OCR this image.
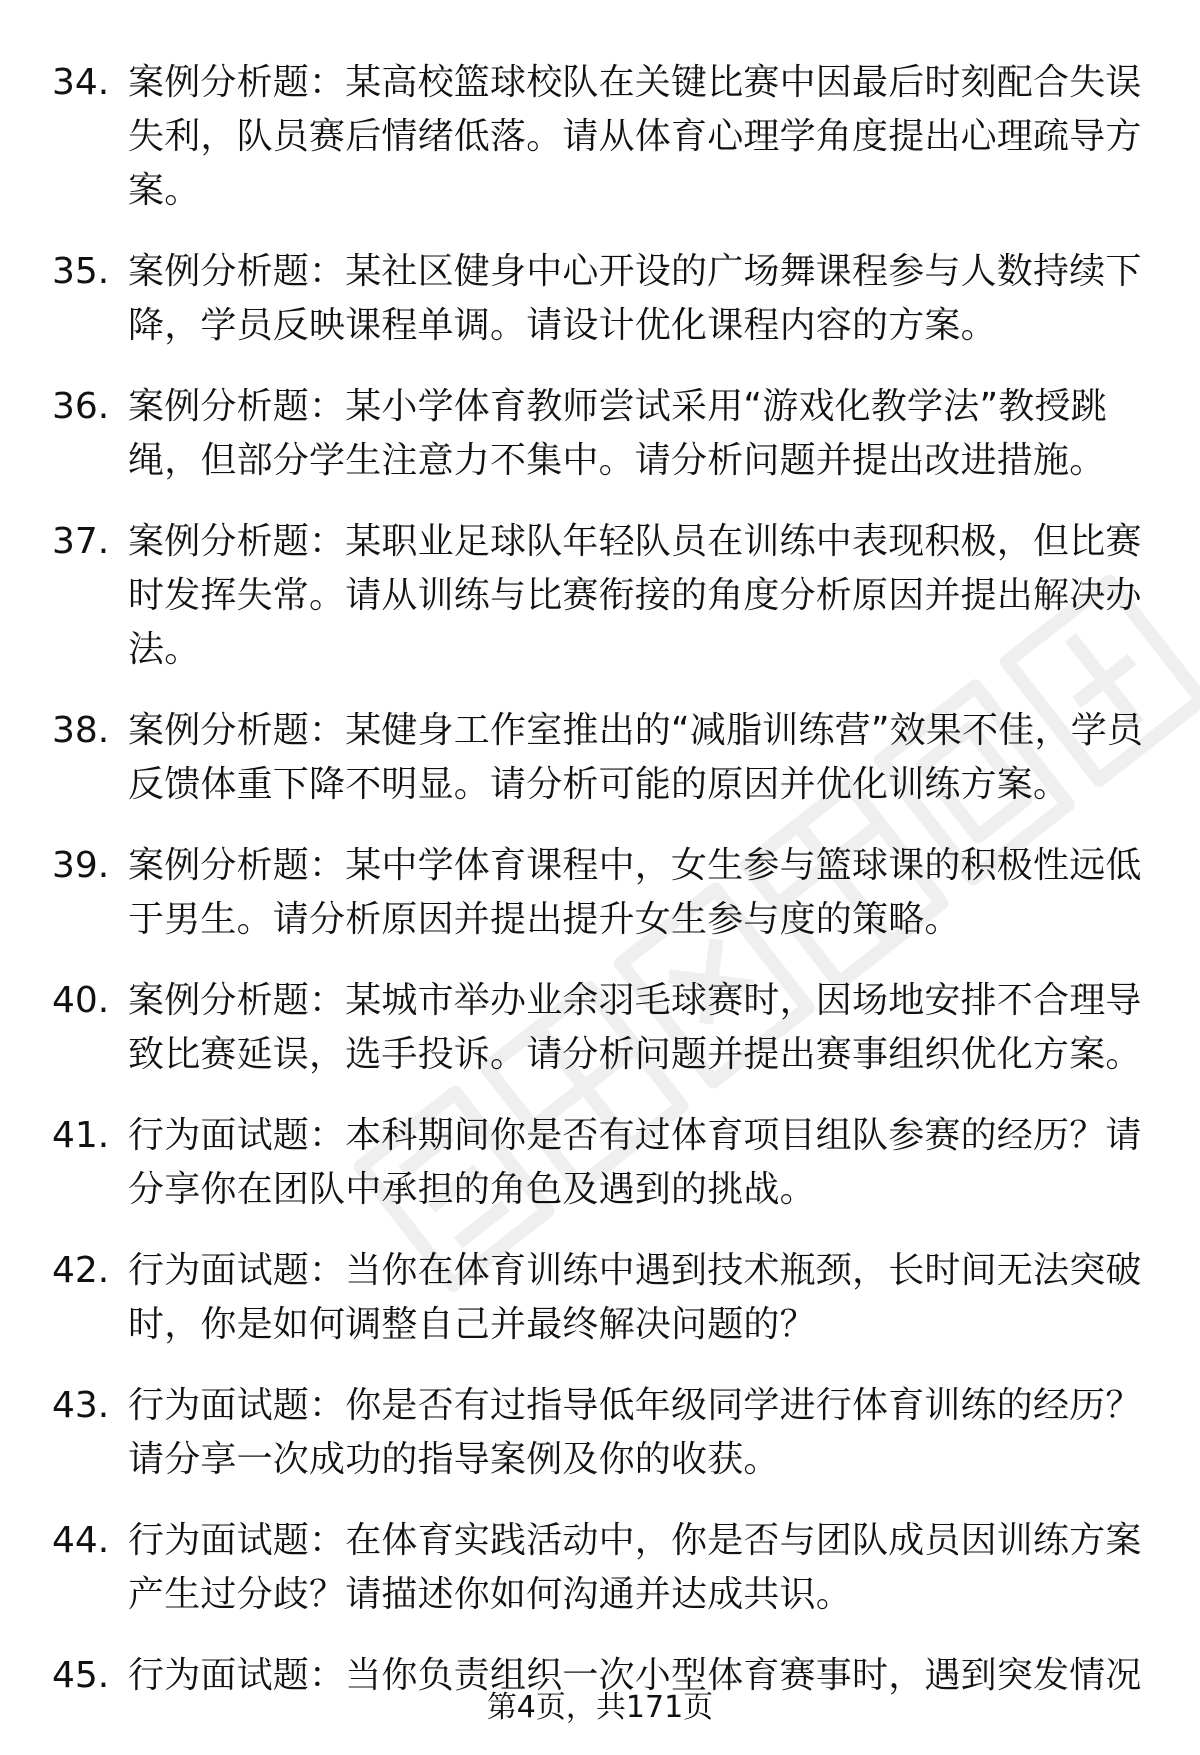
34. 案例分析题：某高校篮球校队在关键比赛中因最后时刻配合失误失利，队员赛后情绪低落。请从体育心理学角度提出心理疏导方案。
35. 案例分析题：某社区健身中心开设的广场舞课程参与人数持续下降，学员反映课程单调。请设计优化课程内容的方案。
36. 案例分析题：某小学体育教师尝试采用“游戏化教学法”教授跳绳，但部分学生注意力不集中。请分析问题并提出改进措施。
37. 案例分析题：某职业足球队年轻队员在训练中表现积极，但比赛时发挥失常。请从训练与比赛衔接的角度分析原因并提出解决办法。
38. 案例分析题：某健身工作室推出的“减脂训练营”效果不佳，学员反馈体重下降不明显。请分析可能的原因并优化训练方案。
39. 案例分析题：某中学体育课程中，女生参与篮球课的积极性远低于男生。请分析原因并提出提升女生参与度的策略。
40. 案例分析题：某城市举办业余羽毛球赛时，因场地安排不合理导致比赛延误，选手投诉。请分析问题并提出赛事组织优化方案。
41. 行为面试题：本科期间你是否有过体育项目组队参赛的经历？请分享你在团队中承担的角色及遇到的挑战。
42. 行为面试题：当你在体育训练中遇到技术瓶颈，长时间无法突破时，你是如何调整自己并最终解决问题的？
43. 行为面试题：你是否有过指导低年级同学进行体育训练的经历？请分享一次成功的指导案例及你的收获。
44. 行为面试题：在体育实践活动中，你是否与团队成员因训练方案产生过分歧？请描述你如何沟通并达成共识。
45. 行为面试题：当你负责组织一次小型体育赛事时，遇到突发情况
第4页，共171页
